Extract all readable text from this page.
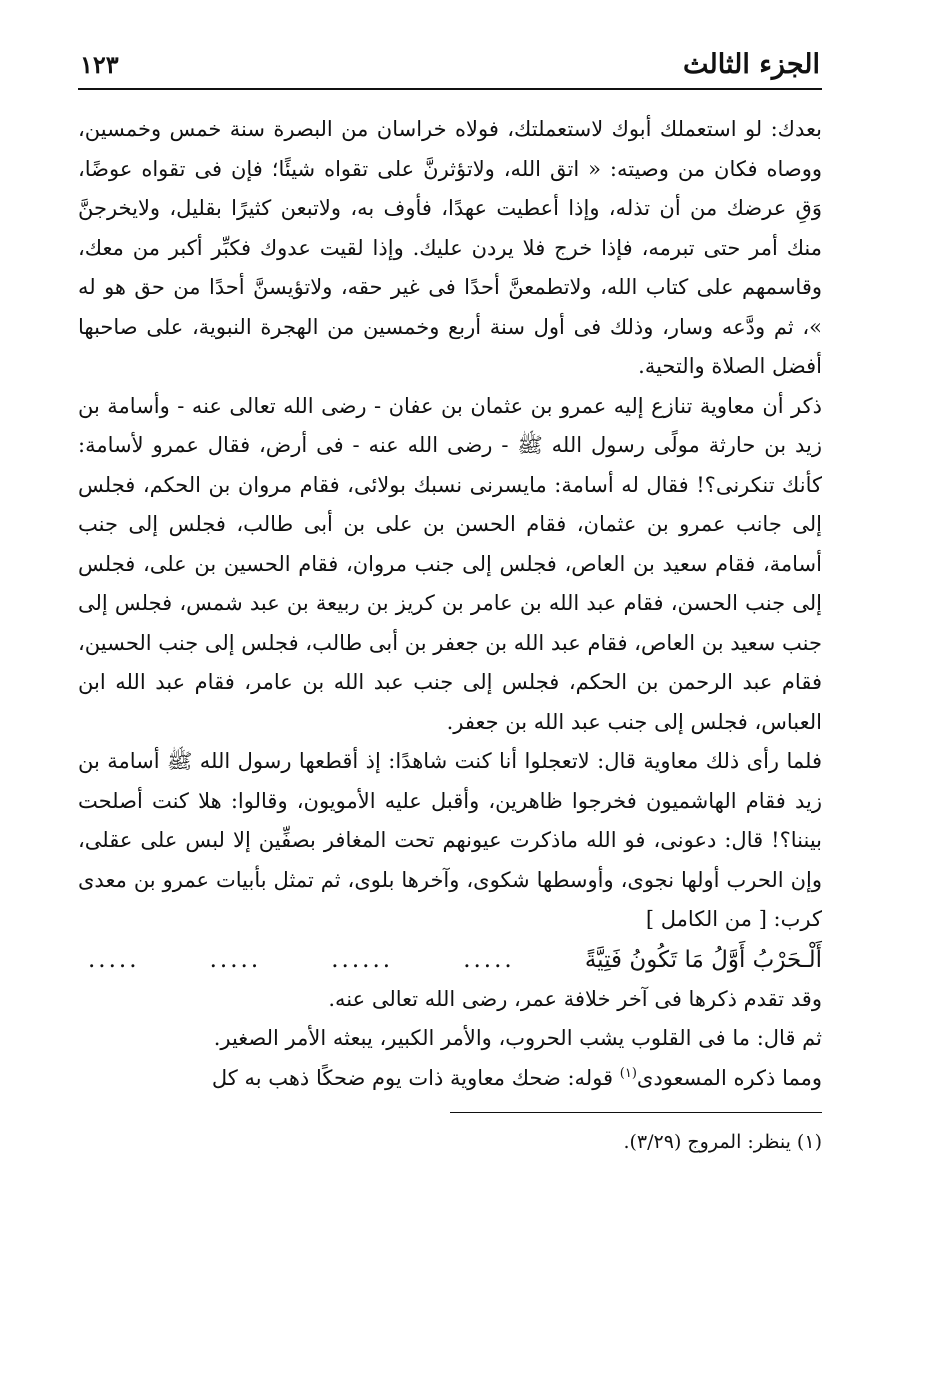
الجزء الثالث
١٢٣

بعدك: لو استعملك أبوك لاستعملتك، فولاه خراسان من البصرة سنة خمس وخمسين، ووصاه فكان من وصيته: « اتق الله، ولاتؤثرنَّ على تقواه شيئًا؛ فإن فى تقواه عوضًا، وَقِ عرضك من أن تذله، وإذا أعطيت عهدًا، فأوف به، ولاتبعن كثيرًا بقليل، ولايخرجنَّ منك أمر حتى تبرمه، فإذا خرج فلا يردن عليك. وإذا لقيت عدوك فكبِّر أكبر من معك، وقاسمهم على كتاب الله، ولاتطمعنَّ أحدًا فى غير حقه، ولاتؤيسنَّ أحدًا من حق هو له »، ثم ودَّعه وسار، وذلك فى أول سنة أربع وخمسين من الهجرة النبوية، على صاحبها أفضل الصلاة والتحية.

ذكر أن معاوية تنازع إليه عمرو بن عثمان بن عفان - رضى الله تعالى عنه - وأسامة بن زيد بن حارثة مولًى رسول الله ﷺ - رضى الله عنه - فى أرض، فقال عمرو لأسامة: كأنك تنكرنى؟! فقال له أسامة: مايسرنى نسبك بولائى، فقام مروان بن الحكم، فجلس إلى جانب عمرو بن عثمان، فقام الحسن بن على بن أبى طالب، فجلس إلى جنب أسامة، فقام سعيد بن العاص، فجلس إلى جنب مروان، فقام الحسين بن على، فجلس إلى جنب الحسن، فقام عبد الله بن عامر بن كريز بن ربيعة بن عبد شمس، فجلس إلى جنب سعيد بن العاص، فقام عبد الله بن جعفر بن أبى طالب، فجلس إلى جنب الحسين، فقام عبد الرحمن بن الحكم، فجلس إلى جنب عبد الله بن عامر، فقام عبد الله ابن العباس، فجلس إلى جنب عبد الله بن جعفر.

فلما رأى ذلك معاوية قال: لاتعجلوا أنا كنت شاهدًا: إذ أقطعها رسول الله ﷺ أسامة بن زيد فقام الهاشميون فخرجوا ظاهرين، وأقبل عليه الأمويون، وقالوا: هلا كنت أصلحت بيننا؟! قال: دعونى، فو الله ماذكرت عيونهم تحت المغافر بصفِّين إلا لبس على عقلى، وإن الحرب أولها نجوى، وأوسطها شكوى، وآخرها بلوى، ثم تمثل بأبيات عمرو بن معدى كرب: [ من الكامل ]

أَلْـحَرْبُ أَوَّلُ مَا تَكُونُ فَتِيَّةً
.....
......
.....
.....

وقد تقدم ذكرها فى آخر خلافة عمر، رضى الله تعالى عنه.

ثم قال: ما فى القلوب يشب الحروب، والأمر الكبير، يبعثه الأمر الصغير.

ومما ذكره المسعودى$^{(١)}$ قوله: ضحك معاوية ذات يوم ضحكًا ذهب به كل

(١) ينظر: المروج (٣/٢٩).
